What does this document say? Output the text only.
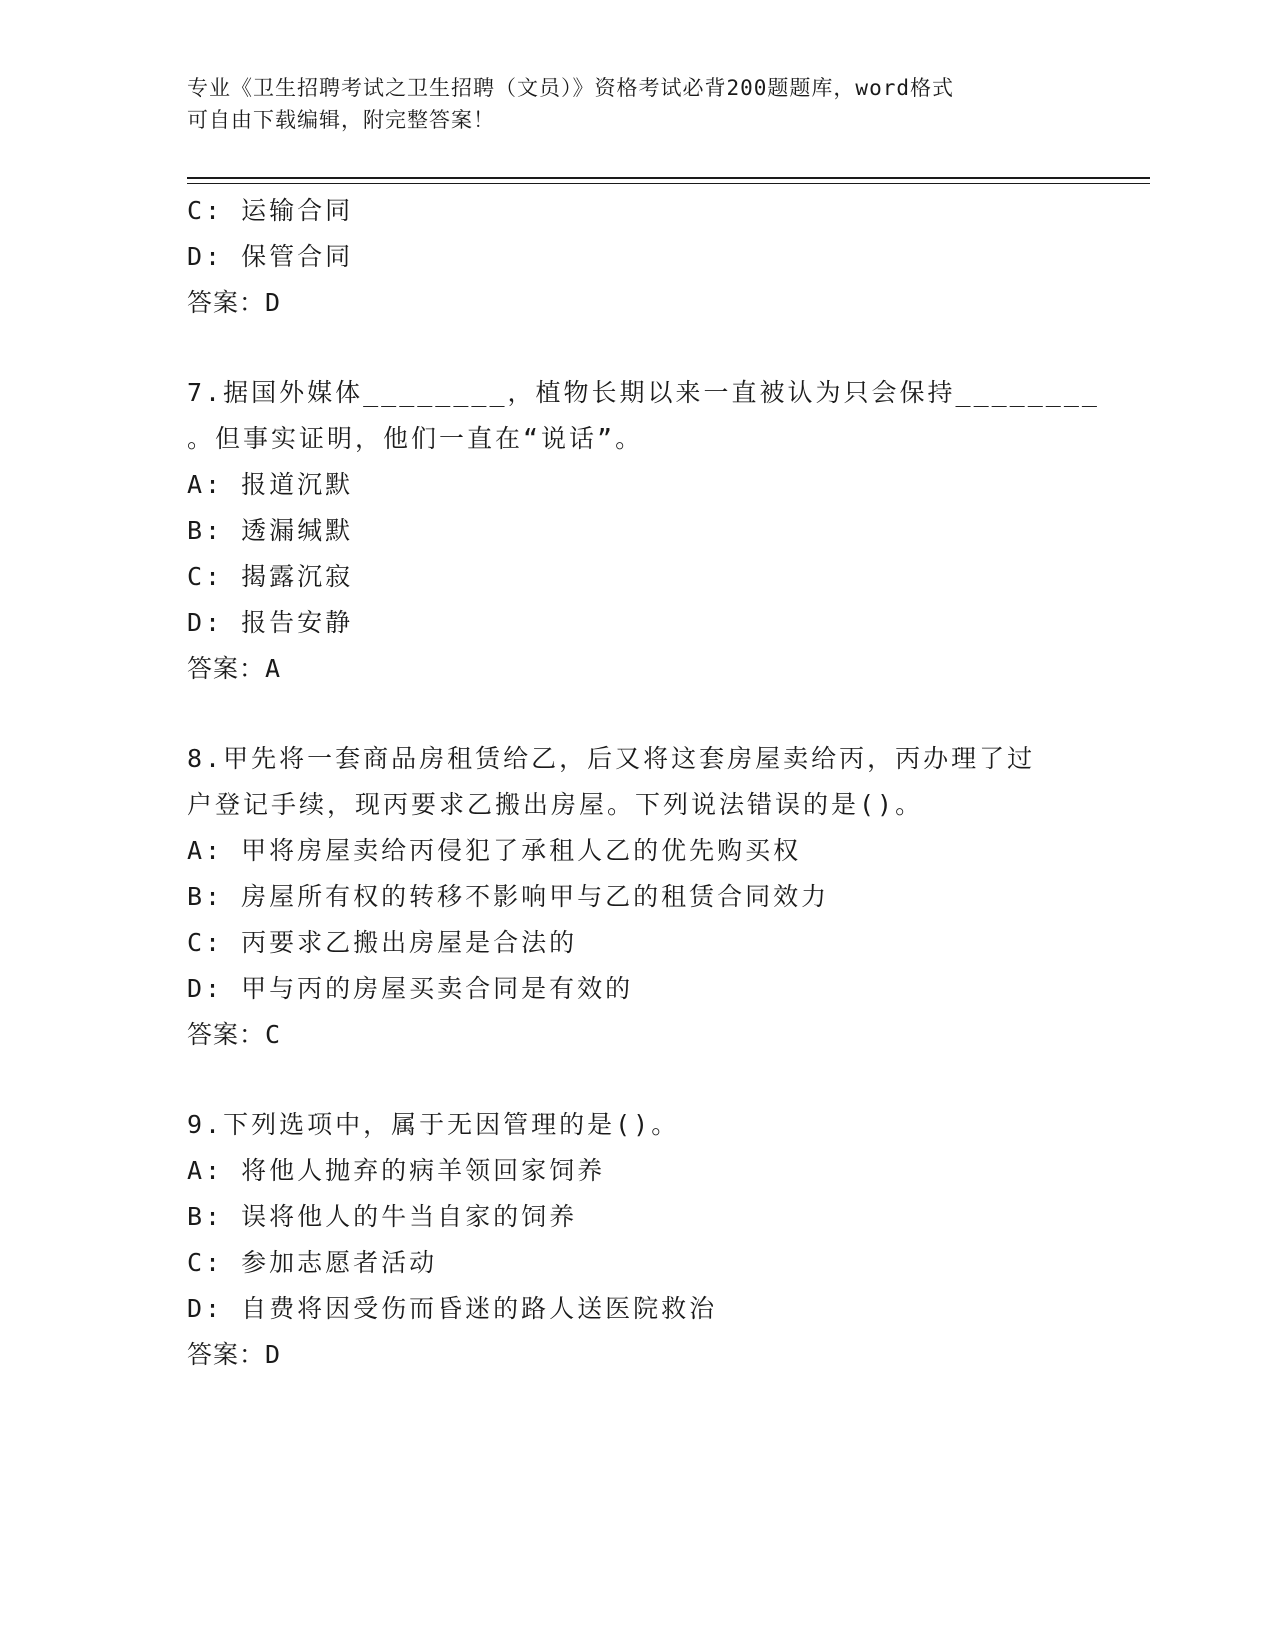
专业《卫生招聘考试之卫生招聘（文员）》资格考试必背200题题库，word格式
可自由下载编辑，附完整答案！
C: 运输合同
D: 保管合同
答案：D
7.据国外媒体________，植物长期以来一直被认为只会保持________
。但事实证明，他们一直在“说话”。
A: 报道沉默
B: 透漏缄默
C: 揭露沉寂
D: 报告安静
答案：A
8.甲先将一套商品房租赁给乙，后又将这套房屋卖给丙，丙办理了过
户登记手续，现丙要求乙搬出房屋。下列说法错误的是()。
A: 甲将房屋卖给丙侵犯了承租人乙的优先购买权
B: 房屋所有权的转移不影响甲与乙的租赁合同效力
C: 丙要求乙搬出房屋是合法的
D: 甲与丙的房屋买卖合同是有效的
答案：C
9.下列选项中，属于无因管理的是()。
A: 将他人抛弃的病羊领回家饲养
B: 误将他人的牛当自家的饲养
C: 参加志愿者活动
D: 自费将因受伤而昏迷的路人送医院救治
答案：D
